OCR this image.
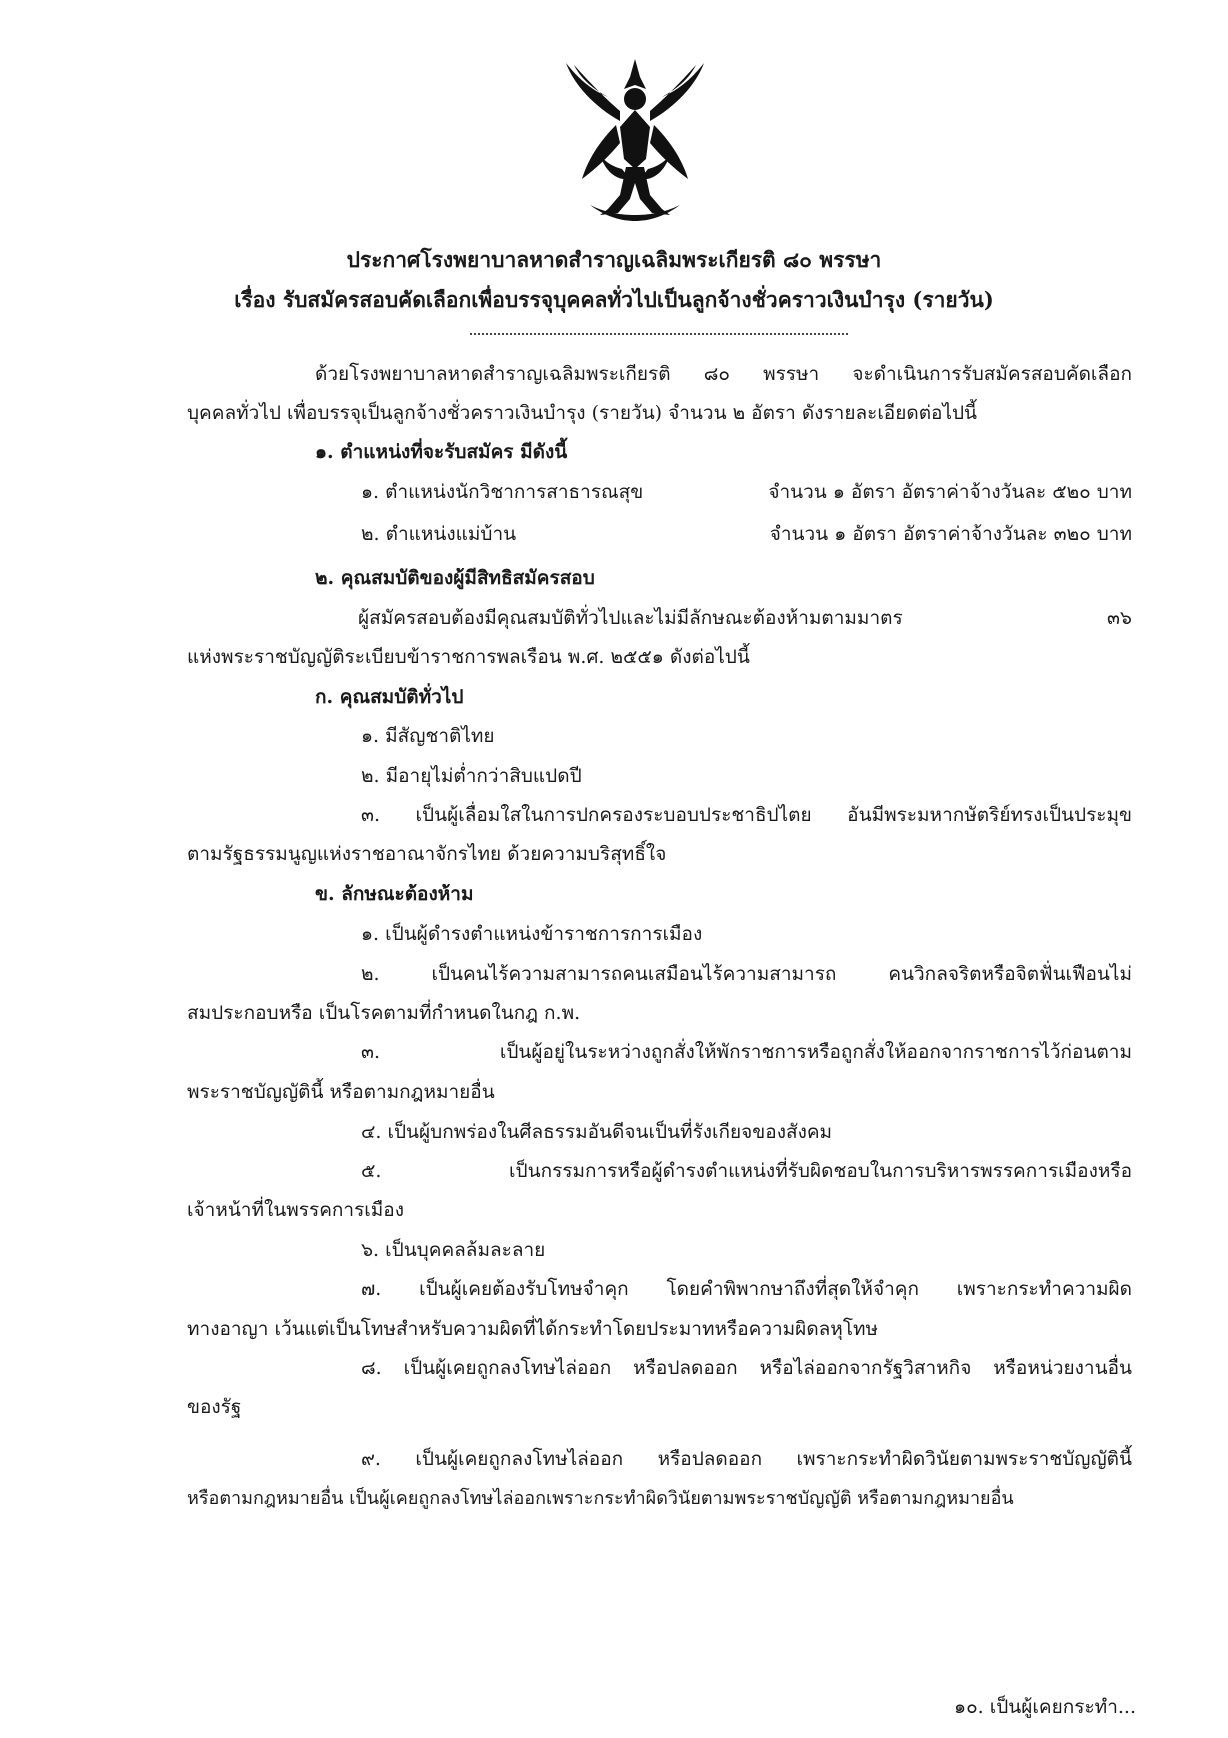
ประกาศโรงพยาบาลหาดสำราญเฉลิมพระเกียรติ ๘๐ พรรษา
เรื่อง รับสมัครสอบคัดเลือกเพื่อบรรจุบุคคลทั่วไปเป็นลูกจ้างชั่วคราวเงินบำรุง (รายวัน)
ด้วยโรงพยาบาลหาดสำราญเฉลิมพระเกียรติ ๘๐ พรรษา จะดำเนินการรับสมัครสอบคัดเลือก
บุคคลทั่วไป เพื่อบรรจุเป็นลูกจ้างชั่วคราวเงินบำรุง (รายวัน) จำนวน ๒ อัตรา ดังรายละเอียดต่อไปนี้
๑. ตำแหน่งที่จะรับสมัคร มีดังนี้
๑. ตำแหน่งนักวิชาการสาธารณสุข	จำนวน ๑ อัตรา อัตราค่าจ้างวันละ ๕๒๐ บาท
๒. ตำแหน่งแม่บ้าน	จำนวน ๑ อัตรา อัตราค่าจ้างวันละ ๓๒๐ บาท
๒. คุณสมบัติของผู้มีสิทธิสมัครสอบ
ผู้สมัครสอบต้องมีคุณสมบัติทั่วไปและไม่มีลักษณะต้องห้ามตามมาตร ๓๖
แห่งพระราชบัญญัติระเบียบข้าราชการพลเรือน พ.ศ. ๒๕๕๑ ดังต่อไปนี้
ก. คุณสมบัติทั่วไป
๑. มีสัญชาติไทย
๒. มีอายุไม่ต่ำกว่าสิบแปดปี
๓. เป็นผู้เลื่อมใสในการปกครองระบอบประชาธิปไตย อันมีพระมหากษัตริย์ทรงเป็นประมุข
ตามรัฐธรรมนูญแห่งราชอาณาจักรไทย ด้วยความบริสุทธิ์ใจ
ข. ลักษณะต้องห้าม
๑. เป็นผู้ดำรงตำแหน่งข้าราชการการเมือง
๒. เป็นคนไร้ความสามารถคนเสมือนไร้ความสามารถ คนวิกลจริตหรือจิตฟั่นเฟือนไม่
สมประกอบหรือ เป็นโรคตามที่กำหนดในกฎ ก.พ.
๓. เป็นผู้อยู่ในระหว่างถูกสั่งให้พักราชการหรือถูกสั่งให้ออกจากราชการไว้ก่อนตาม
พระราชบัญญัตินี้ หรือตามกฎหมายอื่น
๔. เป็นผู้บกพร่องในศีลธรรมอันดีจนเป็นที่รังเกียจของสังคม
๕. เป็นกรรมการหรือผู้ดำรงตำแหน่งที่รับผิดชอบในการบริหารพรรคการเมืองหรือ
เจ้าหน้าที่ในพรรคการเมือง
๖. เป็นบุคคลล้มละลาย
๗. เป็นผู้เคยต้องรับโทษจำคุก โดยคำพิพากษาถึงที่สุดให้จำคุก เพราะกระทำความผิด
ทางอาญา เว้นแต่เป็นโทษสำหรับความผิดที่ได้กระทำโดยประมาทหรือความผิดลหุโทษ
๘. เป็นผู้เคยถูกลงโทษไล่ออก หรือปลดออก หรือไล่ออกจากรัฐวิสาหกิจ หรือหน่วยงานอื่น
ของรัฐ
๙. เป็นผู้เคยถูกลงโทษไล่ออก หรือปลดออก เพราะกระทำผิดวินัยตามพระราชบัญญัตินี้
หรือตามกฎหมายอื่น เป็นผู้เคยถูกลงโทษไล่ออกเพราะกระทำผิดวินัยตามพระราชบัญญัติ หรือตามกฎหมายอื่น
๑๐. เป็นผู้เคยกระทำ...
